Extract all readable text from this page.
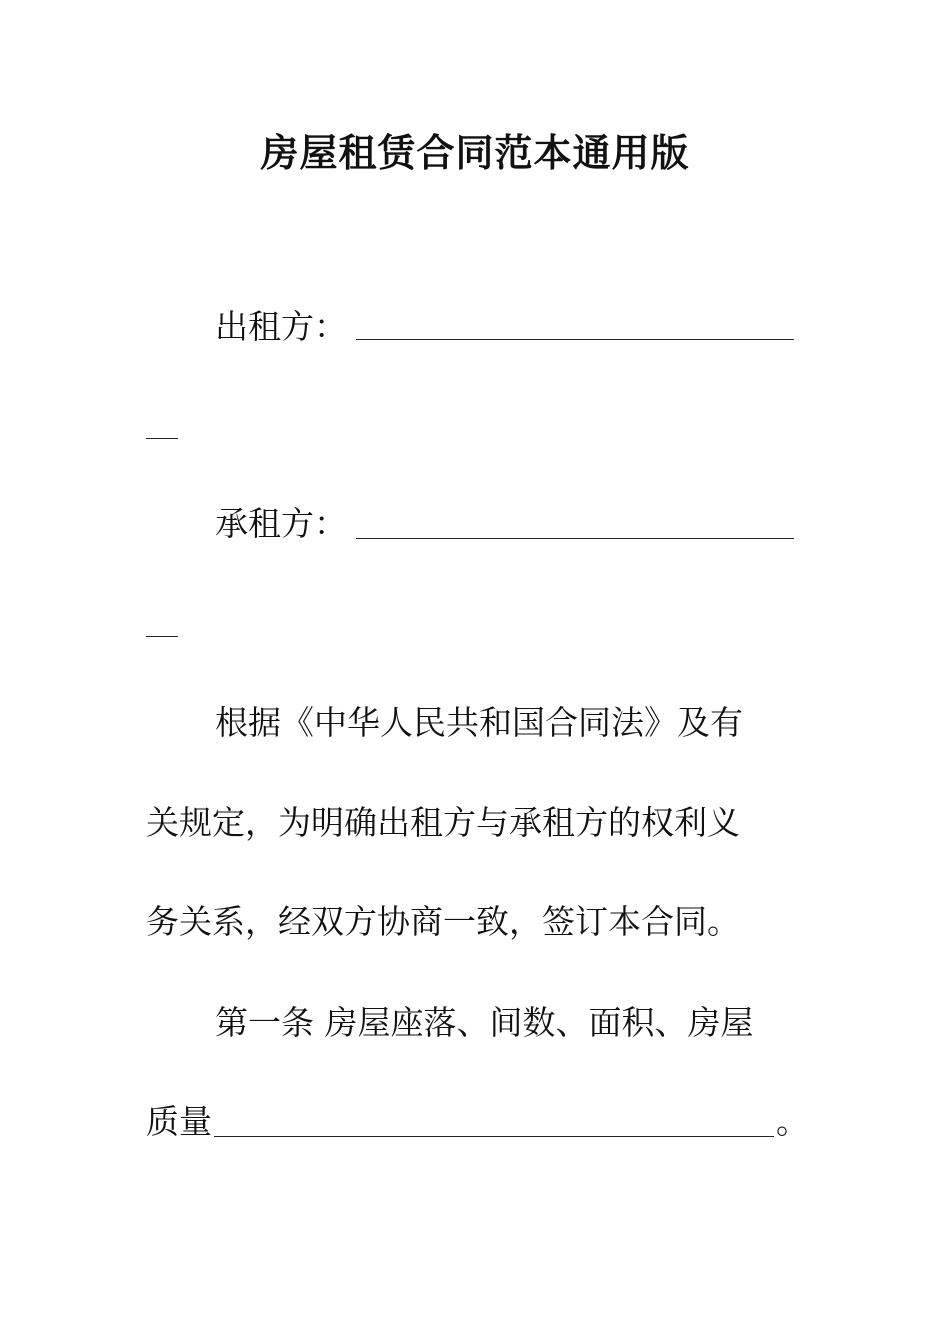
房屋租赁合同范本通用版
出租方：
承租方：
根据《中华人民共和国合同法》及有
关规定，为明确出租方与承租方的权利义
务关系，经双方协商一致，签订本合同。
第一条 房屋座落、间数、面积、房屋
质量	。
